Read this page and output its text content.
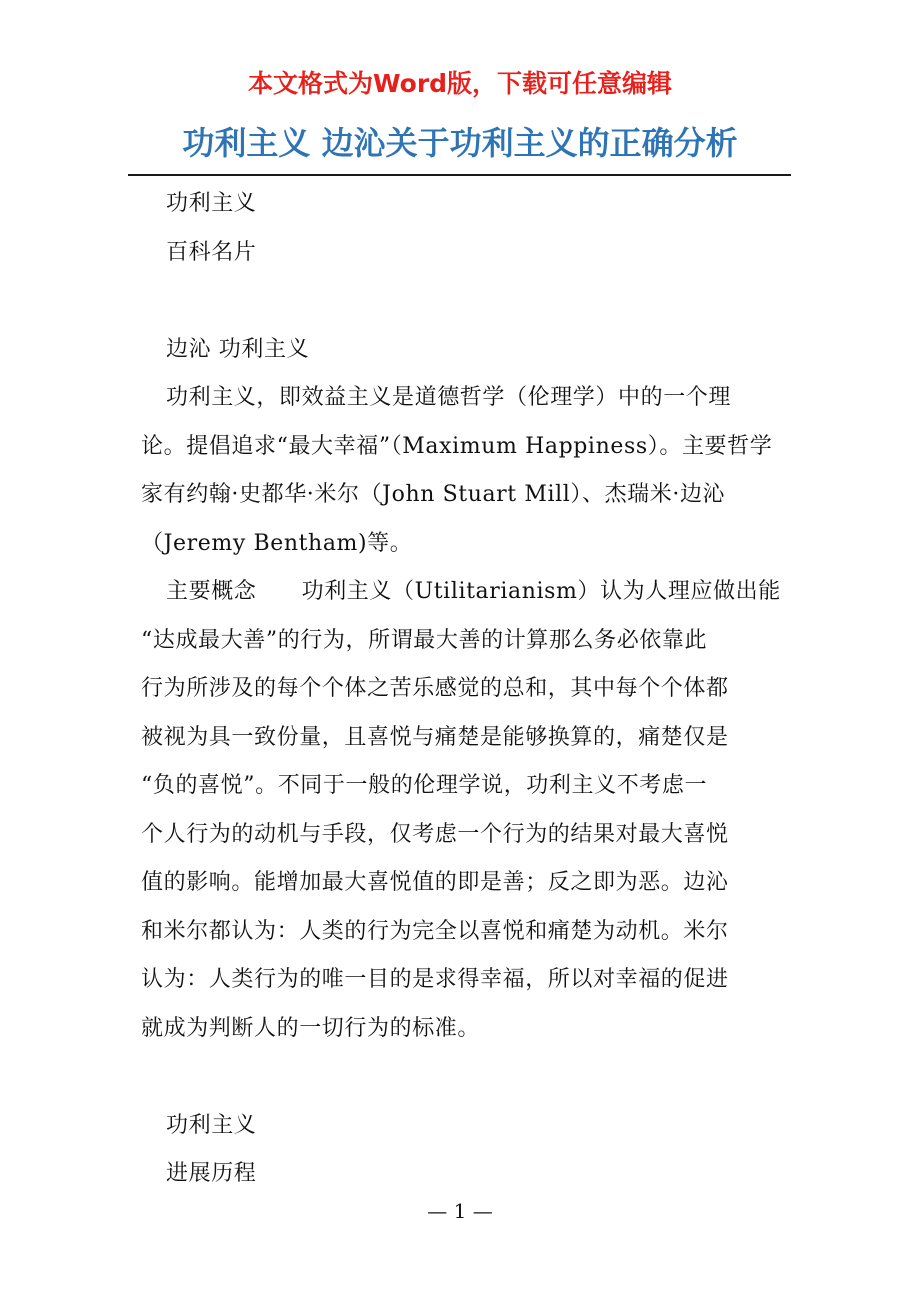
本文格式为Word版，下载可任意编辑
功利主义 边沁关于功利主义的正确分析
功利主义
百科名片
边沁 功利主义
功利主义，即效益主义是道德哲学（伦理学）中的一个理
论。提倡追求“最大幸福”（Maximum Happiness）。主要哲学
家有约翰·史都华·米尔（John Stuart Mill）、杰瑞米·边沁
（Jeremy Bentham)等。
主要概念　　功利主义（Utilitarianism）认为人理应做出能
“达成最大善”的行为，所谓最大善的计算那么务必依靠此
行为所涉及的每个个体之苦乐感觉的总和，其中每个个体都
被视为具一致份量，且喜悦与痛楚是能够换算的，痛楚仅是
“负的喜悦”。不同于一般的伦理学说，功利主义不考虑一
个人行为的动机与手段，仅考虑一个行为的结果对最大喜悦
值的影响。能增加最大喜悦值的即是善；反之即为恶。边沁
和米尔都认为：人类的行为完全以喜悦和痛楚为动机。米尔
认为：人类行为的唯一目的是求得幸福，所以对幸福的促进
就成为判断人的一切行为的标准。
功利主义
进展历程
— 1 —
